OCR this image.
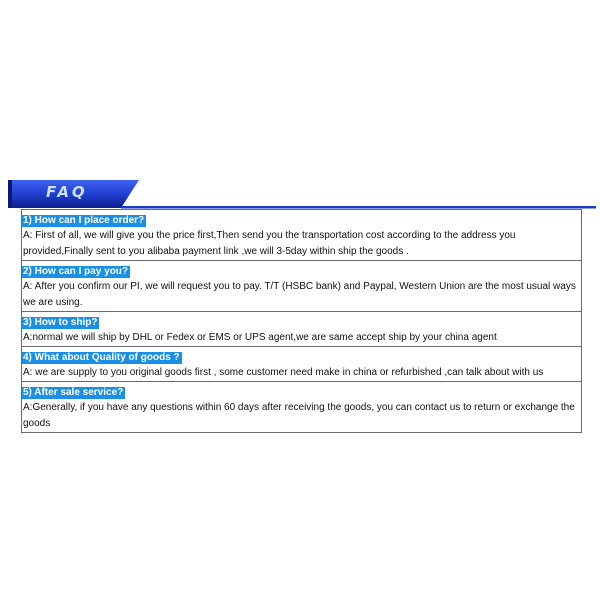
FAQ
1) How can I place order?
A: First of all, we will give you the price first,Then send you the transportation cost according to the address you provided,Finally sent to you alibaba payment link ,we will 3-5day within ship the goods .
2) How can I pay you?
A: After you confirm our PI, we will request you to pay. T/T (HSBC bank) and Paypal, Western Union are the most usual ways we are using.
3) How to ship?
A:normal we will ship by DHL or Fedex or EMS or UPS agent,we are same accept ship by your china agent
4) What about Quality of goods ?
A: we are supply to you original goods first , some customer need make in china or refurbished ,can talk about with us
5) After sale service?
A:Generally, if you have any questions within 60 days after receiving the goods, you can contact us to return or exchange the goods
